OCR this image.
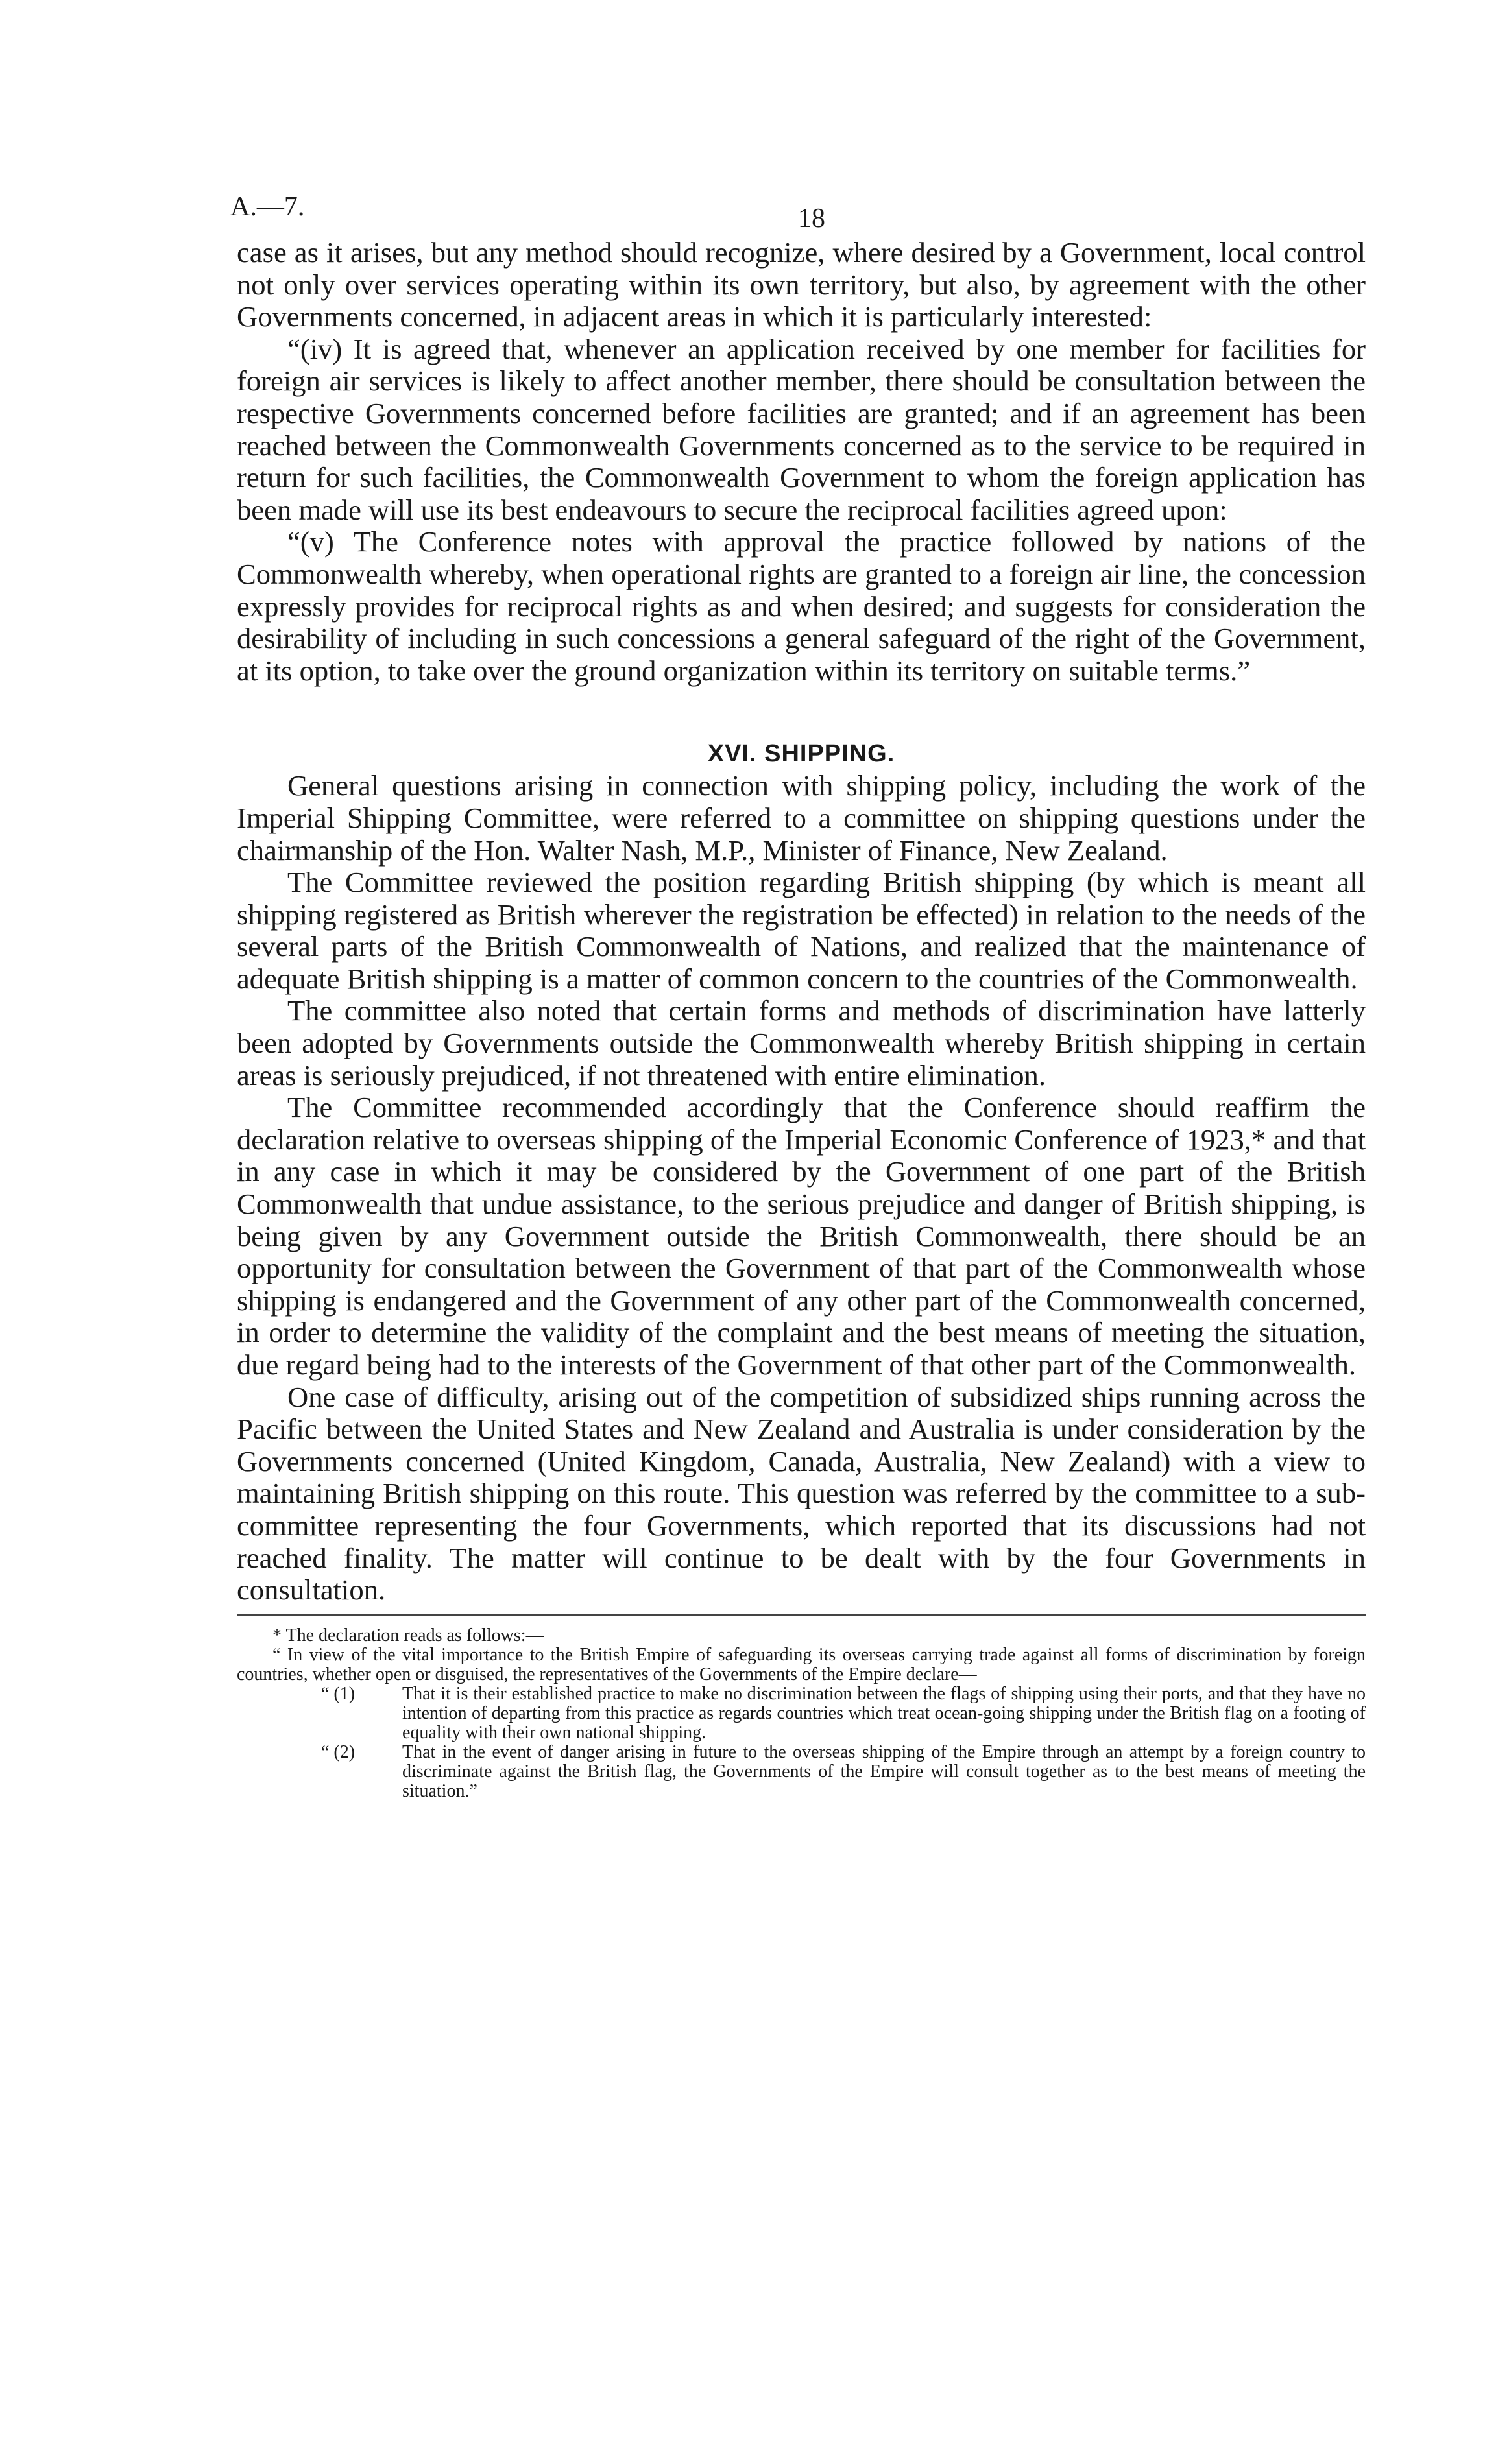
A.—7.	18

case as it arises, but any method should recognize, where desired by a Government, local control not only over services operating within its own territory, but also, by agreement with the other Governments concerned, in adjacent areas in which it is particularly interested:

“(iv) It is agreed that, whenever an application received by one member for facilities for foreign air services is likely to affect another member, there should be consultation between the respective Governments concerned before facilities are granted; and if an agreement has been reached between the Commonwealth Governments concerned as to the service to be required in return for such facilities, the Commonwealth Government to whom the foreign application has been made will use its best endeavours to secure the reciprocal facilities agreed upon:

“(v) The Conference notes with approval the practice followed by nations of the Commonwealth whereby, when operational rights are granted to a foreign air line, the concession expressly provides for reciprocal rights as and when desired; and suggests for consideration the desirability of including in such concessions a general safeguard of the right of the Government, at its option, to take over the ground organization within its territory on suitable terms.”

XVI. SHIPPING.

General questions arising in connection with shipping policy, including the work of the Imperial Shipping Committee, were referred to a committee on shipping questions under the chairmanship of the Hon. Walter Nash, M.P., Minister of Finance, New Zealand.

The Committee reviewed the position regarding British shipping (by which is meant all shipping registered as British wherever the registration be effected) in relation to the needs of the several parts of the British Commonwealth of Nations, and realized that the maintenance of adequate British shipping is a matter of common concern to the countries of the Commonwealth.

The committee also noted that certain forms and methods of discrimination have latterly been adopted by Governments outside the Commonwealth whereby British shipping in certain areas is seriously prejudiced, if not threatened with entire elimination.

The Committee recommended accordingly that the Conference should reaffirm the declaration relative to overseas shipping of the Imperial Economic Conference of 1923,* and that in any case in which it may be considered by the Government of one part of the British Commonwealth that undue assistance, to the serious prejudice and danger of British shipping, is being given by any Government outside the British Commonwealth, there should be an opportunity for consultation between the Government of that part of the Commonwealth whose shipping is endangered and the Government of any other part of the Commonwealth concerned, in order to determine the validity of the complaint and the best means of meeting the situation, due regard being had to the interests of the Government of that other part of the Commonwealth.

One case of difficulty, arising out of the competition of subsidized ships running across the Pacific between the United States and New Zealand and Australia is under consideration by the Governments concerned (United Kingdom, Canada, Australia, New Zealand) with a view to maintaining British shipping on this route. This question was referred by the committee to a sub-committee representing the four Governments, which reported that its discussions had not reached finality. The matter will continue to be dealt with by the four Governments in consultation.

* The declaration reads as follows:—

“ In view of the vital importance to the British Empire of safeguarding its overseas carrying trade against all forms of discrimination by foreign countries, whether open or disguised, the representatives of the Governments of the Empire declare—

“ (1)	That it is their established practice to make no discrimination between the flags of shipping using their ports, and that they have no intention of departing from this practice as regards countries which treat ocean-going shipping under the British flag on a footing of equality with their own national shipping.
“ (2)	That in the event of danger arising in future to the overseas shipping of the Empire through an attempt by a foreign country to discriminate against the British flag, the Governments of the Empire will consult together as to the best means of meeting the situation.”
